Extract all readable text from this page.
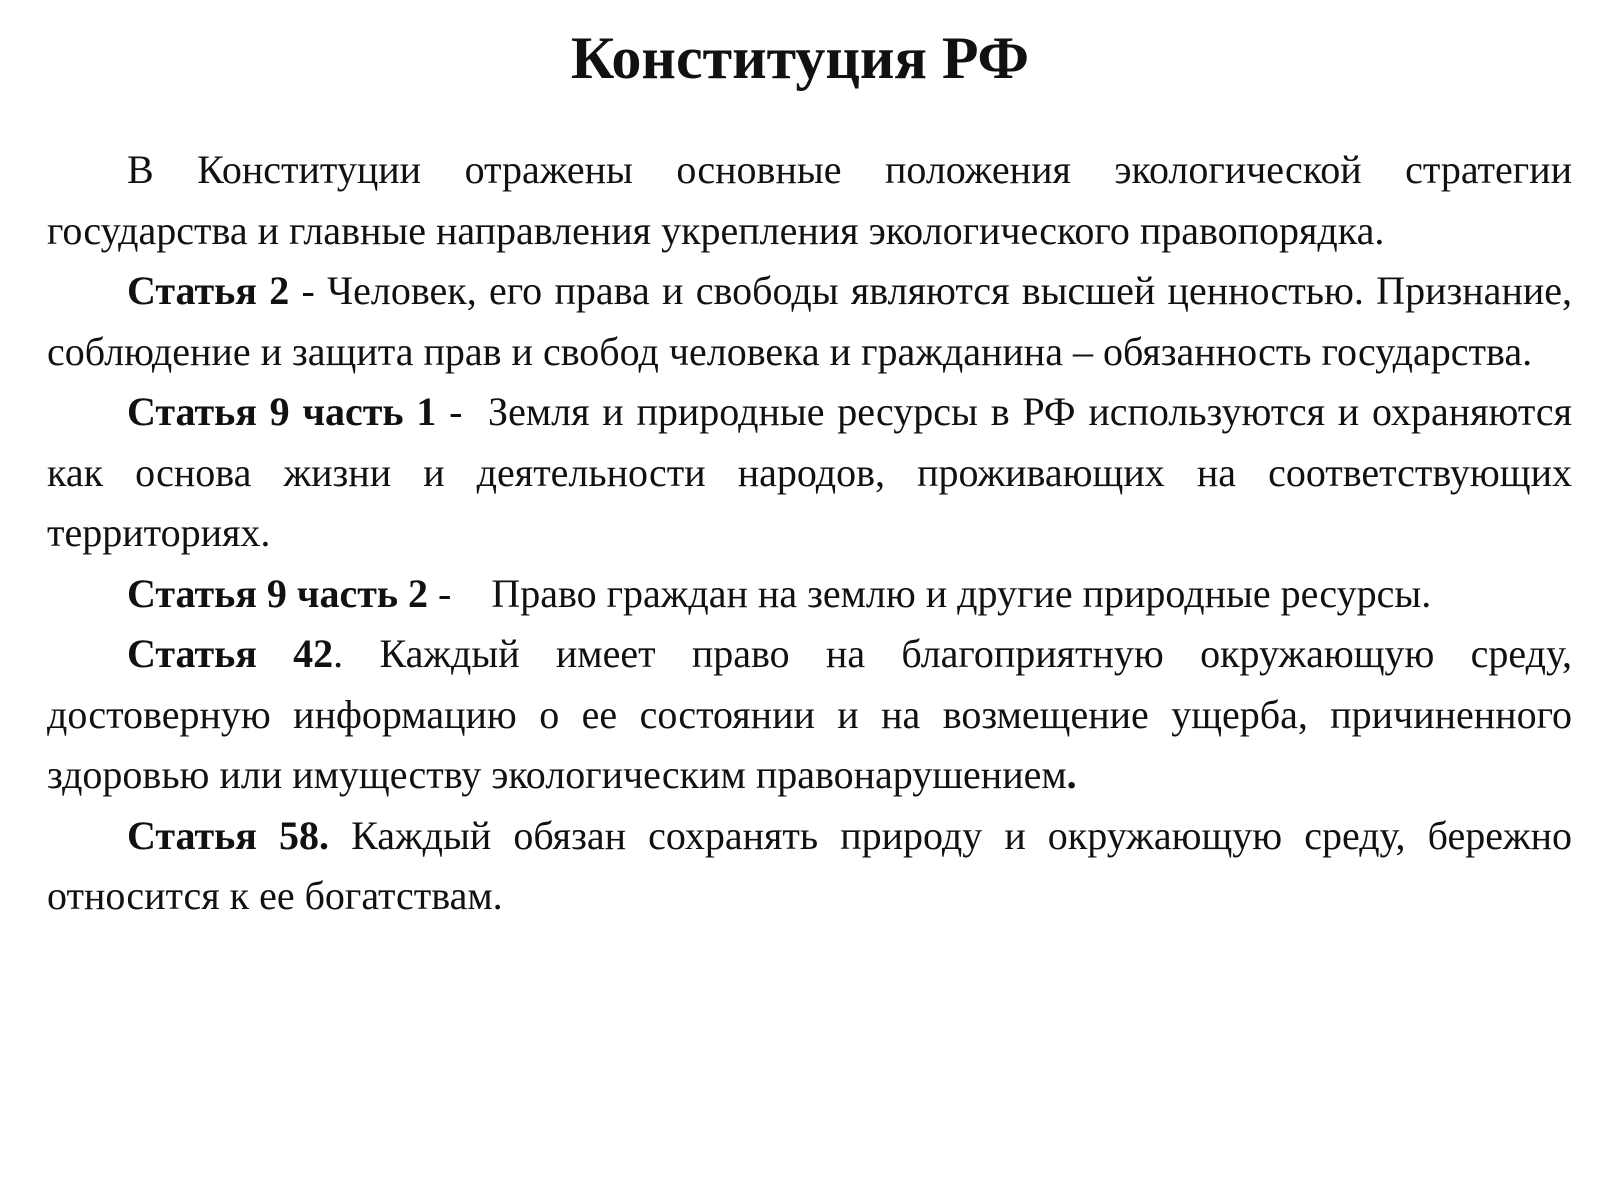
Конституция РФ

В Конституции отражены основные положения экологической стратегии государства и главные направления укрепления экологического правопорядка.

Статья 2 - Человек, его права и свободы являются высшей ценностью. Признание, соблюдение и защита прав и свобод человека и гражданина – обязанность государства.

Статья 9 часть 1 -  Земля и природные ресурсы в РФ используются и охраняются как основа жизни и деятельности народов, проживающих на соответствующих территориях.

Статья 9 часть 2 -    Право граждан на землю и другие природные ресурсы.

Статья 42. Каждый имеет право на благоприятную окружающую среду, достоверную информацию о ее состоянии и на возмещение ущерба, причиненного здоровью или имуществу экологическим правонарушением.

Статья 58. Каждый обязан сохранять природу и окружающую среду, бережно относится к ее богатствам.
